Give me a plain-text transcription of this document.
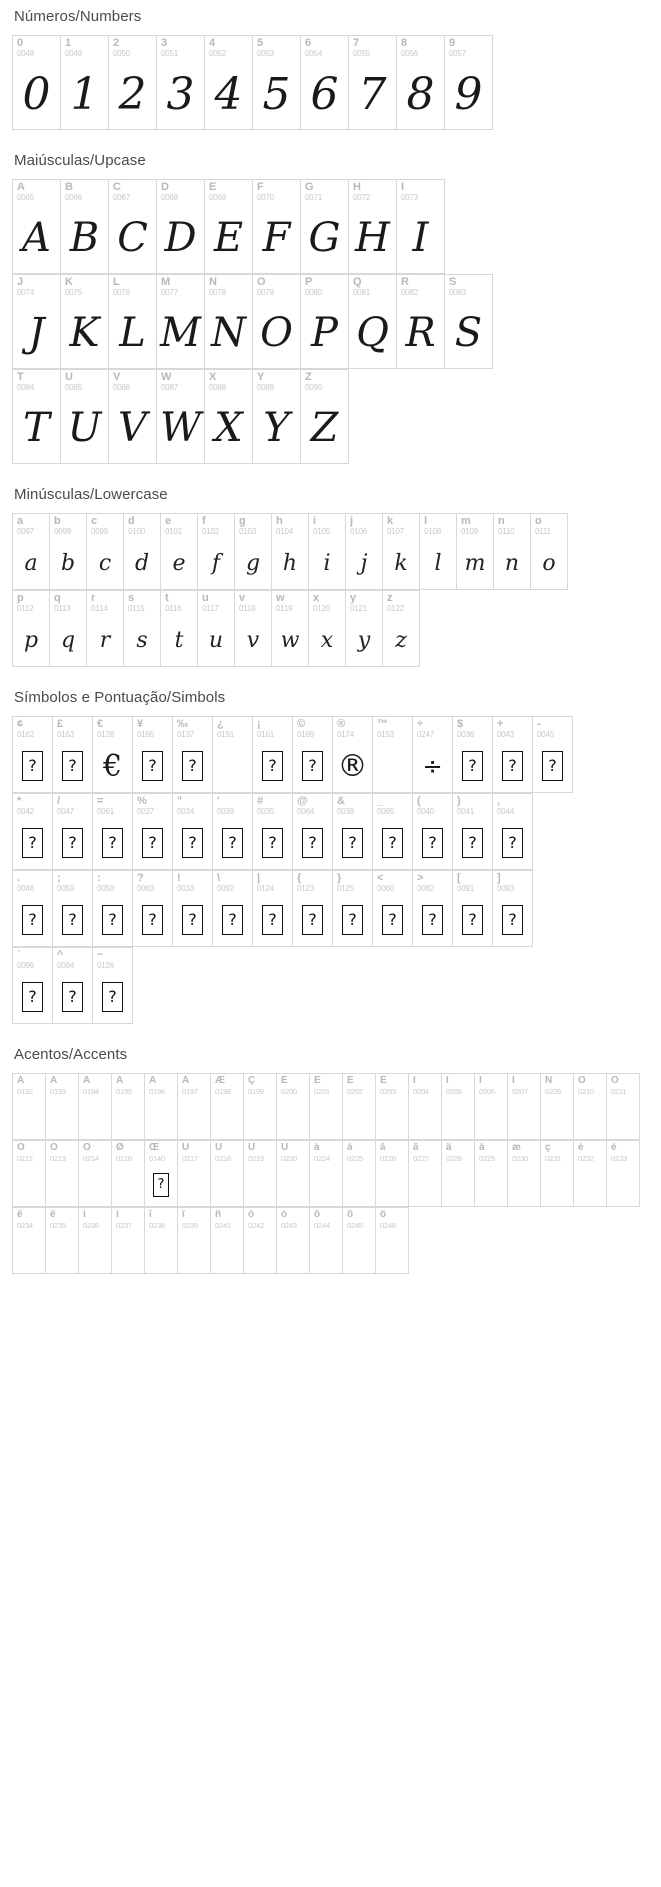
Números/Numbers
0
0048
0
1
0049
1
2
0050
2
3
0051
3
4
0052
4
5
0053
5
6
0054
6
7
0055
7
8
0056
8
9
0057
9
Maiúsculas/Upcase
A
0065
A
B
0066
B
C
0067
C
D
0068
D
E
0069
E
F
0070
F
G
0071
G
H
0072
H
I
0073
I
J
0074
J
K
0075
K
L
0076
L
M
0077
M
N
0078
N
O
0079
O
P
0080
P
Q
0081
Q
R
0082
R
S
0083
S
T
0084
T
U
0085
U
V
0086
V
W
0087
W
X
0088
X
Y
0089
Y
Z
0090
Z
Minúsculas/Lowercase
a
0097
a
b
0098
b
c
0099
c
d
0100
d
e
0101
e
f
0102
f
g
0103
g
h
0104
h
i
0105
i
j
0106
j
k
0107
k
l
0108
l
m
0109
m
n
0110
n
o
0111
o
p
0112
p
q
0113
q
r
0114
r
s
0115
s
t
0116
t
u
0117
u
v
0118
v
w
0119
w
x
0120
x
y
0121
y
z
0122
z
Símbolos e Pontuação/Simbols
¢
0162
?
£
0163
?
€
0128
€
¥
0165
?
‰
0137
?
¿
0191
¡
0161
?
©
0169
?
®
0174
®
™
0153
÷
0247
÷
$
0036
?
+
0043
?
-
0045
?
*
0042
?
/
0047
?
=
0061
?
%
0037
?
"
0034
?
'
0039
?
#
0035
?
@
0064
?
&
0038
?
_
0095
?
(
0040
?
)
0041
?
,
0044
?
.
0046
?
;
0059
?
:
0058
?
?
0063
?
!
0033
?
\
0092
?
|
0124
?
{
0123
?
}
0125
?
<
0060
?
>
0062
?
[
0091
?
]
0093
?
`
0096
?
^
0094
?
~
0126
?
Acentos/Accents
À
0192
Á
0193
Â
0194
Ã
0195
Ä
0196
Å
0197
Æ
0198
Ç
0199
È
0200
É
0201
Ê
0202
Ë
0203
Ì
0204
Í
0205
Î
0206
Ï
0207
Ñ
0209
Ò
0210
Ó
0211
Ô
0212
Õ
0213
Ö
0214
Ø
0216
Œ
0140
?
Ù
0217
Ú
0218
Û
0219
Ü
0220
à
0224
á
0225
â
0226
ã
0227
ä
0228
å
0229
æ
0230
ç
0231
è
0232
é
0233
ê
0234
ë
0235
ì
0236
í
0237
î
0238
ï
0239
ñ
0241
ò
0242
ó
0243
ô
0244
õ
0245
ö
0246
